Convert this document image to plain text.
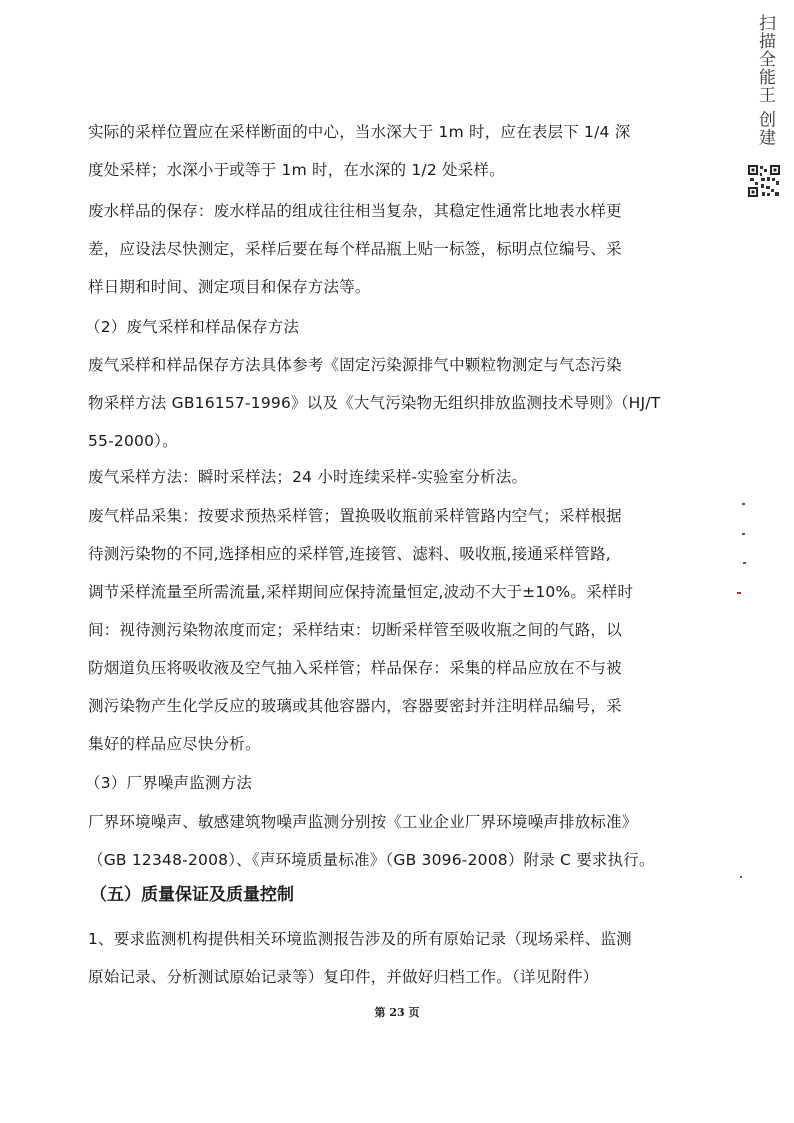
扫描全能王 创建
实际的采样位置应在采样断面的中心，当水深大于 1m 时，应在表层下 1/4 深
度处采样；水深小于或等于 1m 时，在水深的 1/2 处采样。
废水样品的保存：废水样品的组成往往相当复杂，其稳定性通常比地表水样更
差，应设法尽快测定，采样后要在每个样品瓶上贴一标签，标明点位编号、采
样日期和时间、测定项目和保存方法等。
（2）废气采样和样品保存方法
废气采样和样品保存方法具体参考《固定污染源排气中颗粒物测定与气态污染
物采样方法 GB16157-1996》以及《大气污染物无组织排放监测技术导则》（HJ/T
55-2000）。
废气采样方法：瞬时采样法；24 小时连续采样-实验室分析法。
废气样品采集：按要求预热采样管；置换吸收瓶前采样管路内空气；采样根据
待测污染物的不同,选择相应的采样管,连接管、滤料、吸收瓶,接通采样管路,
调节采样流量至所需流量,采样期间应保持流量恒定,波动不大于±10%。采样时
间：视待测污染物浓度而定；采样结束：切断采样管至吸收瓶之间的气路，以
防烟道负压将吸收液及空气抽入采样管；样品保存：采集的样品应放在不与被
测污染物产生化学反应的玻璃或其他容器内，容器要密封并注明样品编号，采
集好的样品应尽快分析。
（3）厂界噪声监测方法
厂界环境噪声、敏感建筑物噪声监测分别按《工业企业厂界环境噪声排放标准》
（GB 12348-2008）、《声环境质量标准》（GB 3096-2008）附录 C 要求执行。
（五）质量保证及质量控制
1、要求监测机构提供相关环境监测报告涉及的所有原始记录（现场采样、监测
原始记录、分析测试原始记录等）复印件，并做好归档工作。（详见附件）
第 23 页
